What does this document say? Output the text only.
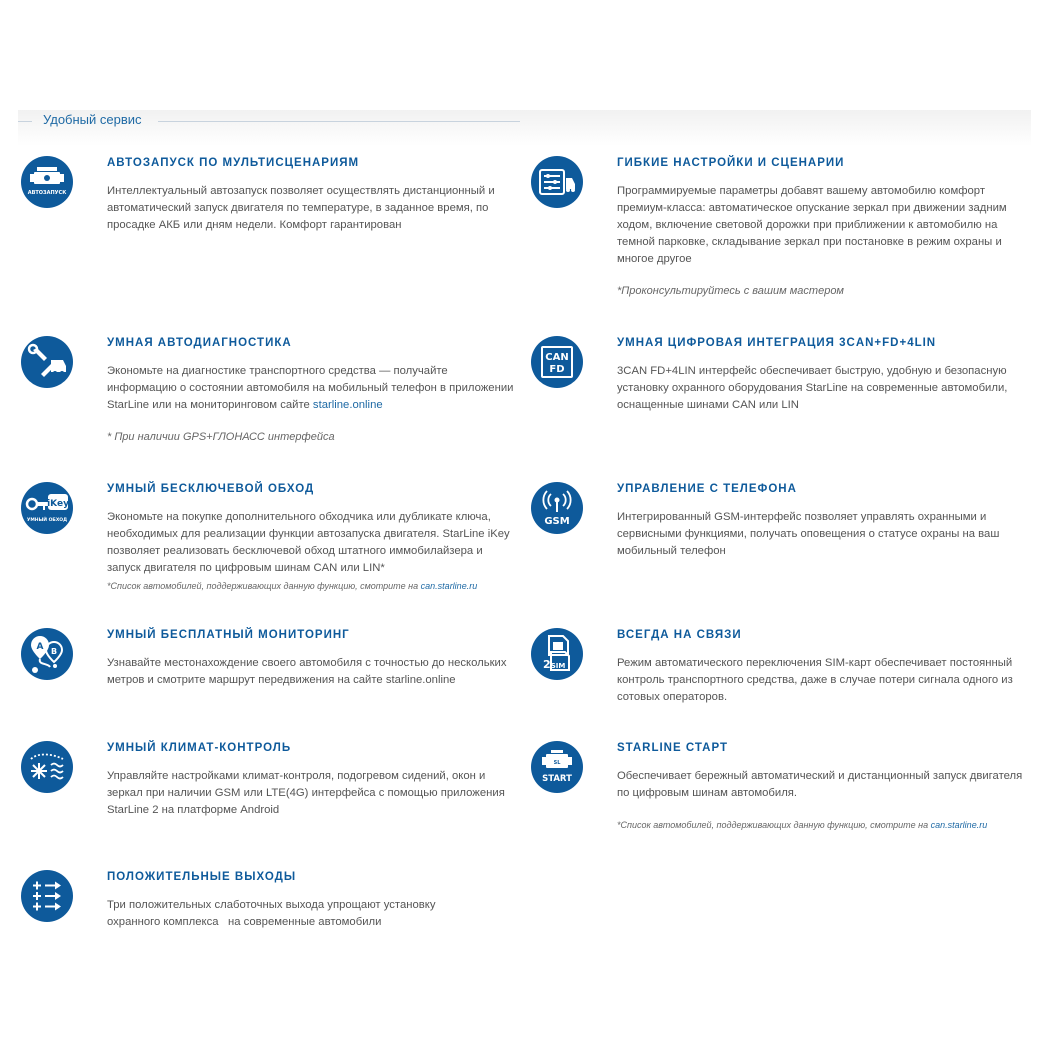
Удобный сервис
АВТОЗАПУСК
АВТОЗАПУСК ПО МУЛЬТИСЦЕНАРИЯМ

Интеллектуальный автозапуск позволяет осуществлять дистанционный и автоматический запуск двигателя по температуре, в заданное время, по просадке АКБ или дням недели. Комфорт гарантирован

ГИБКИЕ НАСТРОЙКИ И СЦЕНАРИИ

Программируемые параметры добавят вашему автомобилю комфорт премиум-класса: автоматическое опускание зеркал при движении задним ходом, включение световой дорожки при приближении к автомобилю на темной парковке, складывание зеркал при постановке в режим охраны и многое другое

*Проконсультируйтесь с вашим мастером
УМНАЯ АВТОДИАГНОСТИКА

Экономьте на диагностике транспортного средства — получайте информацию о состоянии автомобиля на мобильный телефон в приложении StarLine или на мониторинговом сайте starline.online

* При наличии GPS+ГЛОНАСС интерфейса
CAN
FD
УМНАЯ ЦИФРОВАЯ ИНТЕГРАЦИЯ 3CAN+FD+4LIN

3CAN FD+4LIN интерфейс обеспечивает быструю, удобную и безопасную установку охранного оборудования StarLine на современные автомобили, оснащенные шинами CAN или LIN

iKey
УМНЫЙ ОБХОД
УМНЫЙ БЕСКЛЮЧЕВОЙ ОБХОД

Экономьте на покупке дополнительного обходчика или дубликате ключа, необходимых для реализации функции автозапуска двигателя. StarLine iKey позволяет реализовать бесключевой обход штатного иммобилайзера и запуск двигателя по цифровым шинам CAN или LIN*

*Список автомобилей, поддерживающих данную функцию, смотрите на can.starline.ru
GSM
УПРАВЛЕНИЕ С ТЕЛЕФОНА

Интегрированный GSM-интерфейс позволяет управлять охранными и сервисными функциями, получать оповещения о статусе охраны на ваш мобильный телефон

A B
УМНЫЙ БЕСПЛАТНЫЙ МОНИТОРИНГ

Узнавайте местонахождение своего автомобиля с точностью до нескольких метров и смотрите маршрут передвижения на сайте starline.online

2 SIM
ВСЕГДА НА СВЯЗИ

Режим автоматического переключения SIM-карт обеспечивает постоянный контроль транспортного средства, даже в случае потери сигнала одного из сотовых операторов.

УМНЫЙ КЛИМАТ-КОНТРОЛЬ

Управляйте настройками климат-контроля, подогревом сидений, окон и зеркал при наличии GSM или LTE(4G) интерфейса с помощью приложения StarLine 2 на платформе Android

SL
START
STARLINE СТАРТ

Обеспечивает бережный автоматический и дистанционный запуск двигателя по цифровым шинам автомобиля.

*Список автомобилей, поддерживающих данную функцию, смотрите на can.starline.ru
ПОЛОЖИТЕЛЬНЫЕ ВЫХОДЫ

Три положительных слаботочных выхода упрощают установку охранного комплекса   на современные автомобили
